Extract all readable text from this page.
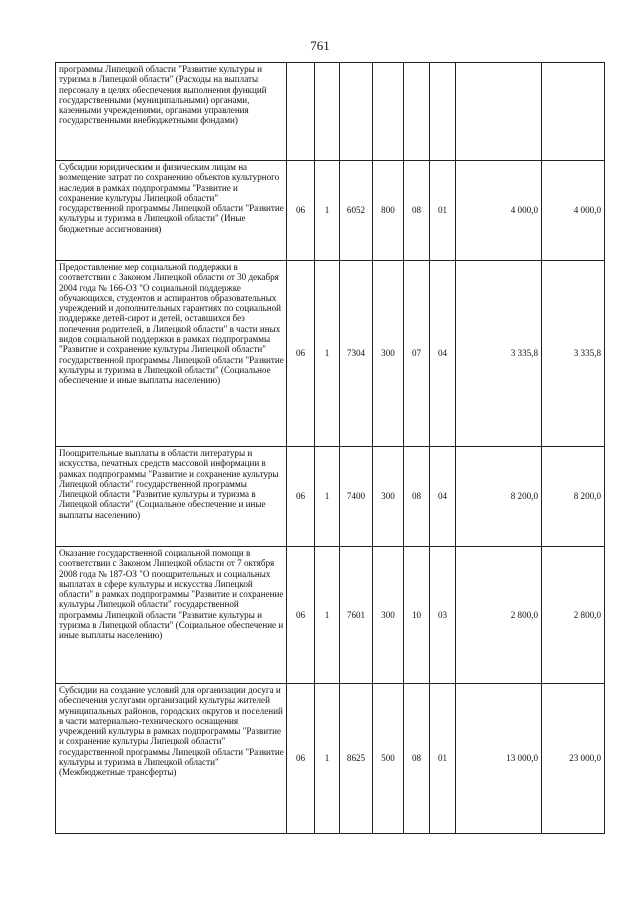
761
программы Липецкой области "Развитие культуры и туризма в Липецкой области" (Расходы на выплаты персоналу в целях обеспечения выполнения функций государственными (муниципальными) органами, казенными учреждениями, органами управления государственными внебюджетными фондами)								
Субсидии юридическим и физическим лицам на возмещение затрат по сохранению объектов культурного наследия в рамках подпрограммы "Развитие и сохранение культуры Липецкой области" государственной программы Липецкой области "Развитие культуры и туризма в Липецкой области" (Иные бюджетные ассигнования)	06	1	6052	800	08	01	4 000,0	4 000,0
Предоставление мер социальной поддержки в соответствии с Законом Липецкой области от 30 декабря 2004 года № 166-ОЗ "О социальной поддержке обучающихся, студентов и аспирантов образовательных учреждений и дополнительных гарантиях по социальной поддержке детей-сирот и детей, оставшихся без попечения родителей, в Липецкой области" в части иных видов социальной поддержки в рамках подпрограммы "Развитие и сохранение культуры Липецкой области" государственной программы Липецкой области "Развитие культуры и туризма в Липецкой области" (Социальное обеспечение и иные выплаты населению)	06	1	7304	300	07	04	3 335,8	3 335,8
Поощрительные выплаты в области литературы и искусства, печатных средств массовой информации в рамках подпрограммы "Развитие и сохранение культуры Липецкой области" государственной программы Липецкой области "Развитие культуры и туризма в Липецкой области" (Социальное обеспечение и иные выплаты населению)	06	1	7400	300	08	04	8 200,0	8 200,0
Оказание государственной социальной помощи в соответствии с Законом Липецкой области от 7 октября 2008 года № 187-ОЗ "О поощрительных и социальных выплатах в сфере культуры и искусства Липецкой области" в рамках подпрограммы "Развитие и сохранение культуры Липецкой области" государственной программы Липецкой области "Развитие культуры и туризма в Липецкой области" (Социальное обеспечение и иные выплаты населению)	06	1	7601	300	10	03	2 800,0	2 800,0
Субсидии на создание условий для организации досуга и обеспечения услугами организаций культуры жителей муниципальных районов, городских округов и поселений в части материально-технического оснащения учреждений культуры в рамках подпрограммы "Развитие и сохранение культуры Липецкой области" государственной программы Липецкой области "Развитие культуры и туризма в Липецкой области" (Межбюджетные трансферты)	06	1	8625	500	08	01	13 000,0	23 000,0
